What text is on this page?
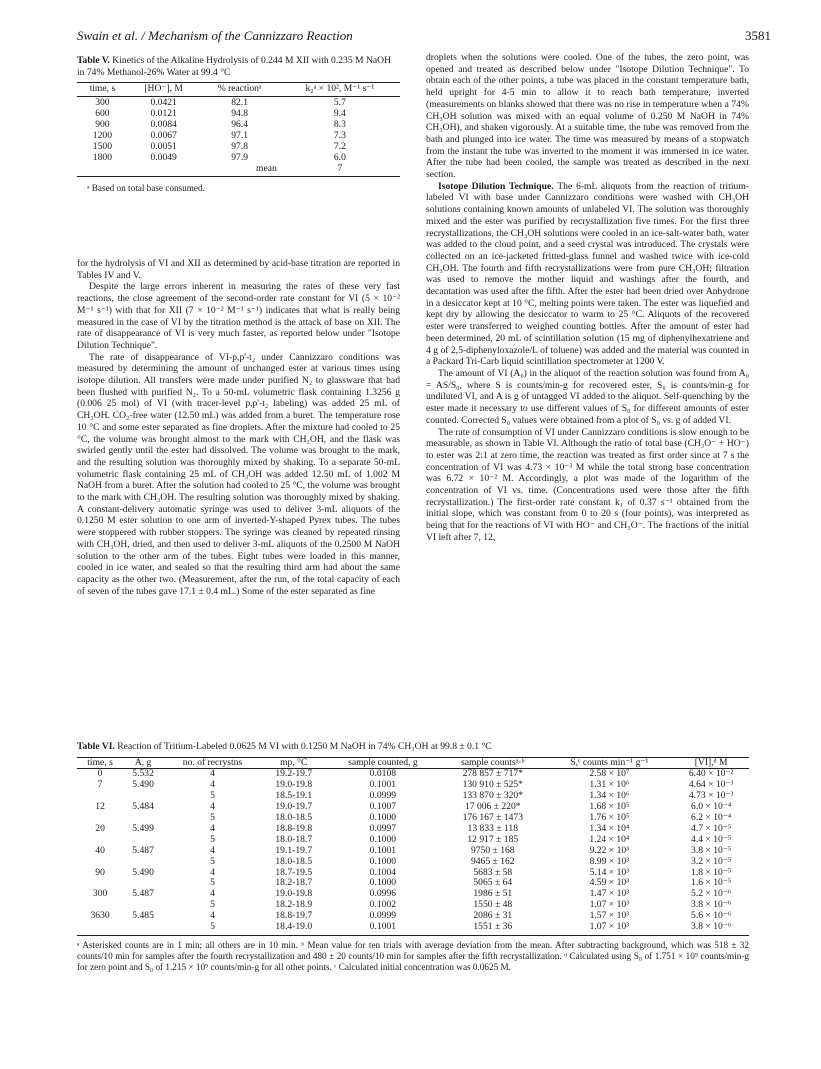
Swain et al. / Mechanism of the Cannizzaro Reaction	3581
Table V. Kinetics of the Alkaline Hydrolysis of 0.244 M XII with 0.235 M NaOH in 74% Methanol-26% Water at 99.4 °C
time, s	[HO⁻], M	% reactionᵃ	k₂ᵃ × 10², M⁻¹ s⁻¹
300	0.0421	82.1	5.7
600	0.0121	94.8	9.4
900	0.0084	96.4	8.3
1200	0.0067	97.1	7.3
1500	0.0051	97.8	7.2
1800	0.0049	97.9	6.0
		mean	7

ᵃ Based on total base consumed.

for the hydrolysis of VI and XII as determined by acid-base titration are reported in Tables IV and V.

Despite the large errors inherent in measuring the rates of these very fast reactions, the close agreement of the second-order rate constant for VI (5 × 10⁻² M⁻¹ s⁻¹) with that for XII (7 × 10⁻² M⁻¹ s⁻¹) indicates that what is really being measured in the case of VI by the titration method is the attack of base on XII. The rate of disappearance of VI is very much faster, as reported below under "Isotope Dilution Technique".

The rate of disappearance of VI-p,p'-t₂ under Cannizzaro conditions was measured by determining the amount of unchanged ester at various times using isotope dilution. All transfers were made under purified N₂ to glassware that had been flushed with purified N₂. To a 50-mL volumetric flask containing 1.3256 g (0.006 25 mol) of VI (with tracer-level p,p'-t₂ labeling) was added 25 mL of CH₃OH. CO₂-free water (12.50 mL) was added from a buret. The temperature rose 10 °C and some ester separated as fine droplets. After the mixture had cooled to 25 °C, the volume was brought almost to the mark with CH₃OH, and the flask was swirled gently until the ester had dissolved. The volume was brought to the mark, and the resulting solution was thoroughly mixed by shaking. To a separate 50-mL volumetric flask containing 25 mL of CH₃OH was added 12.50 mL of 1.002 M NaOH from a buret. After the solution had cooled to 25 °C, the volume was brought to the mark with CH₃OH. The resulting solution was thoroughly mixed by shaking. A constant-delivery automatic syringe was used to deliver 3-mL aliquots of the 0.1250 M ester solution to one arm of inverted-Y-shaped Pyrex tubes. The tubes were stoppered with rubber stoppers. The syringe was cleaned by repeated rinsing with CH₃OH, dried, and then used to deliver 3-mL aliquots of the 0.2500 M NaOH solution to the other arm of the tubes. Eight tubes were loaded in this manner, cooled in ice water, and sealed so that the resulting third arm had about the same capacity as the other two. (Measurement, after the run, of the total capacity of each of seven of the tubes gave 17.1 ± 0.4 mL.) Some of the ester separated as fine

droplets when the solutions were cooled. One of the tubes, the zero point, was opened and treated as described below under "Isotope Dilution Technique". To obtain each of the other points, a tube was placed in the constant temperature bath, held upright for 4-5 min to allow it to reach bath temperature, inverted (measurements on blanks showed that there was no rise in temperature when a 74% CH₃OH solution was mixed with an equal volume of 0.250 M NaOH in 74% CH₃OH), and shaken vigorously. At a suitable time, the tube was removed from the bath and plunged into ice water. The time was measured by means of a stopwatch from the instant the tube was inverted to the moment it was immersed in ice water. After the tube had been cooled, the sample was treated as described in the next section.

Isotope Dilution Technique. The 6-mL aliquots from the reaction of tritium-labeled VI with base under Cannizzaro conditions were washed with CH₃OH solutions containing known amounts of unlabeled VI. The solution was thoroughly mixed and the ester was purified by recrystallization five times. For the first three recrystallizations, the CH₃OH solutions were cooled in an ice-salt-water bath, water was added to the cloud point, and a seed crystal was introduced. The crystals were collected on an ice-jacketed fritted-glass funnel and washed twice with ice-cold CH₃OH. The fourth and fifth recrystallizations were from pure CH₃OH; filtration was used to remove the mother liquid and washings after the fourth, and decantation was used after the fifth. After the ester had been dried over Anhydrone in a desiccator kept at 10 °C, melting points were taken. The ester was liquefied and kept dry by allowing the desiccator to warm to 25 °C. Aliquots of the recovered ester were transferred to weighed counting bottles. After the amount of ester had been determined, 20 mL of scintillation solution (15 mg of diphenylhexatriene and 4 g of 2,5-diphenyloxazole/L of toluene) was added and the material was counted in a Packard Tri-Carb liquid scintillation spectrometer at 1200 V.

The amount of VI (A₀) in the aliquot of the reaction solution was found from A₀ = AS/S₀, where S is counts/min-g for recovered ester, S₀ is counts/min-g for undiluted VI, and A is g of untagged VI added to the aliquot. Self-quenching by the ester made it necessary to use different values of S₀ for different amounts of ester counted. Corrected S₀ values were obtained from a plot of S₀ vs. g of added VI.

The rate of consumption of VI under Cannizzaro conditions is slow enough to be measurable, as shown in Table VI. Although the ratio of total base (CH₃O⁻ + HO⁻) to ester was 2:1 at zero time, the reaction was treated as first order since at 7 s the concentration of VI was 4.73 × 10⁻³ M while the total strong base concentration was 6.72 × 10⁻² M. Accordingly, a plot was made of the logarithm of the concentration of VI vs. time. (Concentrations used were those after the fifth recrystallization.) The first-order rate constant k₁ of 0.37 s⁻¹ obtained from the initial slope, which was constant from 0 to 20 s (four points), was interpreted as being that for the reactions of VI with HO⁻ and CH₃O⁻. The fractions of the initial VI left after 7, 12,

Table VI. Reaction of Tritium-Labeled 0.0625 M VI with 0.1250 M NaOH in 74% CH₃OH at 99.8 ± 0.1 °C
time, s	A, g	no. of recrystns	mp, °C	sample counted, g	sample countsᵃ·ᵇ	S,ᶜ counts min⁻¹ g⁻¹	[VI],ᵈ M
0	5.532	4	19.2-19.7	0.0108	278 857 ± 717*	2.58 × 10⁷	6.40 × 10⁻²
7	5.490	4	19.0-19.8	0.1001	130 910 ± 525*	1.31 × 10⁶	4.64 × 10⁻³
		5	18.5-19.1	0.0999	133 870 ± 320*	1.34 × 10⁶	4.73 × 10⁻³
12	5.484	4	19.0-19.7	0.1007	17 006 ± 220*	1.68 × 10⁵	6.0 × 10⁻⁴
		5	18.0-18.5	0.1000	176 167 ± 1473	1.76 × 10⁵	6.2 × 10⁻⁴
20	5.499	4	18.8-19.8	0.0997	13 833 ± 118	1.34 × 10⁴	4.7 × 10⁻⁵
		5	18.0-18.7	0.1000	12 917 ± 185	1.24 × 10⁴	4.4 × 10⁻⁵
40	5.487	4	19.1-19.7	0.1001	9750 ± 168	9.22 × 10³	3.8 × 10⁻⁵
		5	18.0-18.5	0.1000	9465 ± 162	8.99 × 10³	3.2 × 10⁻⁵
90	5.490	4	18.7-19.5	0.1004	5683 ± 58	5.14 × 10³	1.8 × 10⁻⁵
		5	18.2-18.7	0.1000	5065 ± 64	4.59 × 10³	1.6 × 10⁻⁵
300	5.487	4	19.0-19.8	0.0996	1986 ± 51	1.47 × 10³	5.2 × 10⁻⁶
		5	18.2-18.9	0.1002	1550 ± 48	1.07 × 10³	3.8 × 10⁻⁶
3630	5.485	4	18.8-19.7	0.0999	2086 ± 31	1.57 × 10³	5.6 × 10⁻⁶
		5	18.4-19.0	0.1001	1551 ± 36	1.07 × 10³	3.8 × 10⁻⁶
ᵃ Asterisked counts are in 1 min; all others are in 10 min. ᵇ Mean value for ten trials with average deviation from the mean. After subtracting background, which was 518 ± 32 counts/10 min for samples after the fourth recrystallization and 480 ± 20 counts/10 min for samples after the fifth recrystallization. ᵈ Calculated using S₀ of 1.751 × 10⁹ counts/min-g for zero point and S₀ of 1.215 × 10⁹ counts/min-g for all other points. ᶜ Calculated initial concentration was 0.0625 M.
